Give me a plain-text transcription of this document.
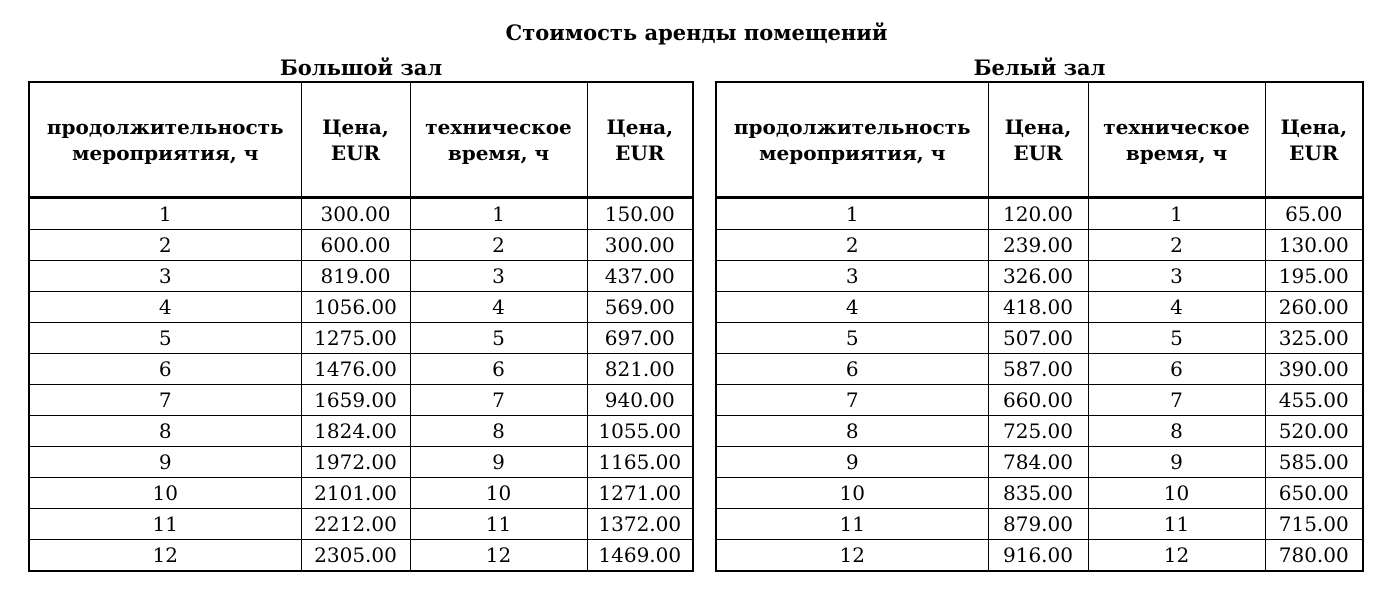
Стоимость аренды помещений
Большой зал
продолжительность мероприятия, ч	Цена, EUR	техническое время, ч	Цена, EUR
1	300.00	1	150.00
2	600.00	2	300.00
3	819.00	3	437.00
4	1056.00	4	569.00
5	1275.00	5	697.00
6	1476.00	6	821.00
7	1659.00	7	940.00
8	1824.00	8	1055.00
9	1972.00	9	1165.00
10	2101.00	10	1271.00
11	2212.00	11	1372.00
12	2305.00	12	1469.00
Белый зал
продолжительность мероприятия, ч	Цена, EUR	техническое время, ч	Цена, EUR
1	120.00	1	65.00
2	239.00	2	130.00
3	326.00	3	195.00
4	418.00	4	260.00
5	507.00	5	325.00
6	587.00	6	390.00
7	660.00	7	455.00
8	725.00	8	520.00
9	784.00	9	585.00
10	835.00	10	650.00
11	879.00	11	715.00
12	916.00	12	780.00
